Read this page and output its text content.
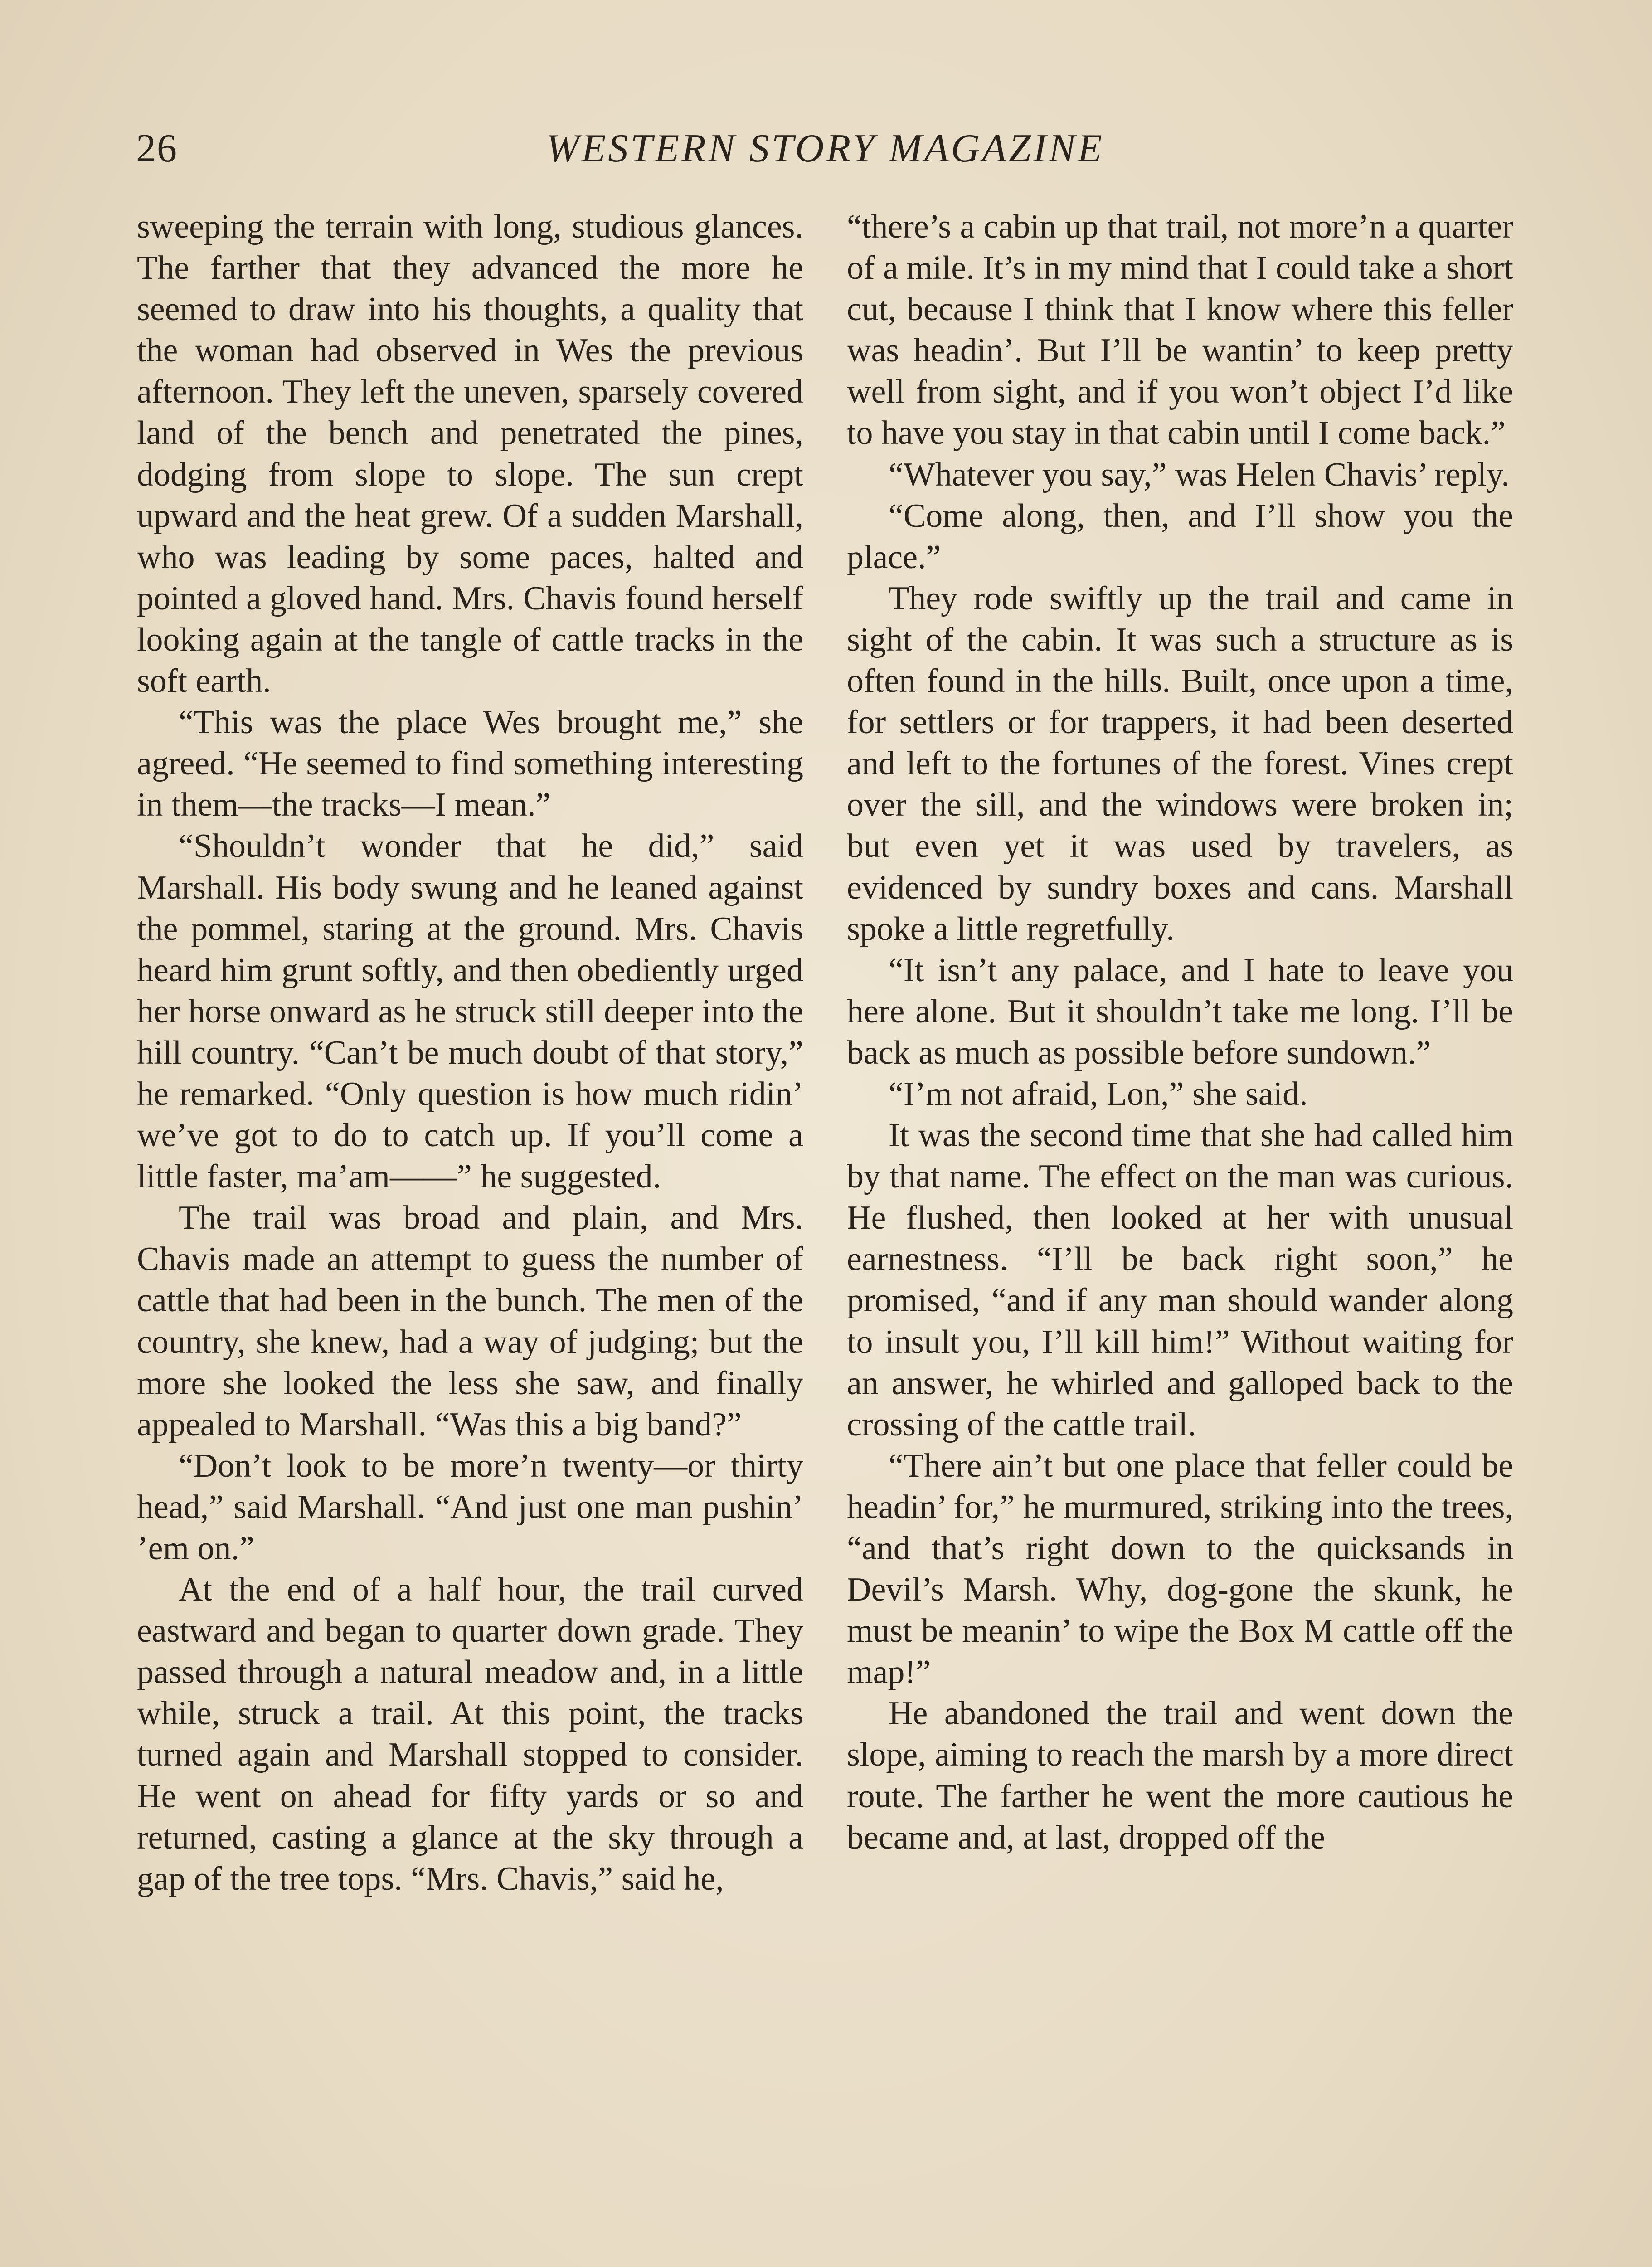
26	WESTERN STORY MAGAZINE

sweeping the terrain with long, studious glances. The farther that they advanced the more he seemed to draw into his thoughts, a quality that the woman had observed in Wes the previous afternoon. They left the uneven, sparsely covered land of the bench and penetrated the pines, dodging from slope to slope. The sun crept upward and the heat grew. Of a sudden Marshall, who was leading by some paces, halted and pointed a gloved hand. Mrs. Chavis found herself looking again at the tangle of cattle tracks in the soft earth.

“This was the place Wes brought me,” she agreed. “He seemed to find something interesting in them—the tracks—I mean.”

“Shouldn’t wonder that he did,” said Marshall. His body swung and he leaned against the pommel, staring at the ground. Mrs. Chavis heard him grunt softly, and then obediently urged her horse onward as he struck still deeper into the hill country. “Can’t be much doubt of that story,” he remarked. “Only question is how much ridin’ we’ve got to do to catch up. If you’ll come a little faster, ma’am——” he suggested.

The trail was broad and plain, and Mrs. Chavis made an attempt to guess the number of cattle that had been in the bunch. The men of the country, she knew, had a way of judging; but the more she looked the less she saw, and finally appealed to Marshall. “Was this a big band?”

“Don’t look to be more’n twenty—or thirty head,” said Marshall. “And just one man pushin’ ’em on.”

At the end of a half hour, the trail curved eastward and began to quarter down grade. They passed through a natural meadow and, in a little while, struck a trail. At this point, the tracks turned again and Marshall stopped to consider. He went on ahead for fifty yards or so and returned, casting a glance at the sky through a gap of the tree tops. “Mrs. Chavis,” said he,

“there’s a cabin up that trail, not more’n a quarter of a mile. It’s in my mind that I could take a short cut, because I think that I know where this feller was headin’. But I’ll be wantin’ to keep pretty well from sight, and if you won’t object I’d like to have you stay in that cabin until I come back.”

“Whatever you say,” was Helen Chavis’ reply.

“Come along, then, and I’ll show you the place.”

They rode swiftly up the trail and came in sight of the cabin. It was such a structure as is often found in the hills. Built, once upon a time, for settlers or for trappers, it had been deserted and left to the fortunes of the forest. Vines crept over the sill, and the windows were broken in; but even yet it was used by travelers, as evidenced by sundry boxes and cans. Marshall spoke a little regretfully.

“It isn’t any palace, and I hate to leave you here alone. But it shouldn’t take me long. I’ll be back as much as possible before sundown.”

“I’m not afraid, Lon,” she said.

It was the second time that she had called him by that name. The effect on the man was curious. He flushed, then looked at her with unusual earnestness. “I’ll be back right soon,” he promised, “and if any man should wander along to insult you, I’ll kill him!” Without waiting for an answer, he whirled and galloped back to the crossing of the cattle trail.

“There ain’t but one place that feller could be headin’ for,” he murmured, striking into the trees, “and that’s right down to the quicksands in Devil’s Marsh. Why, dog-gone the skunk, he must be meanin’ to wipe the Box M cattle off the map!”

He abandoned the trail and went down the slope, aiming to reach the marsh by a more direct route. The farther he went the more cautious he became and, at last, dropped off the
